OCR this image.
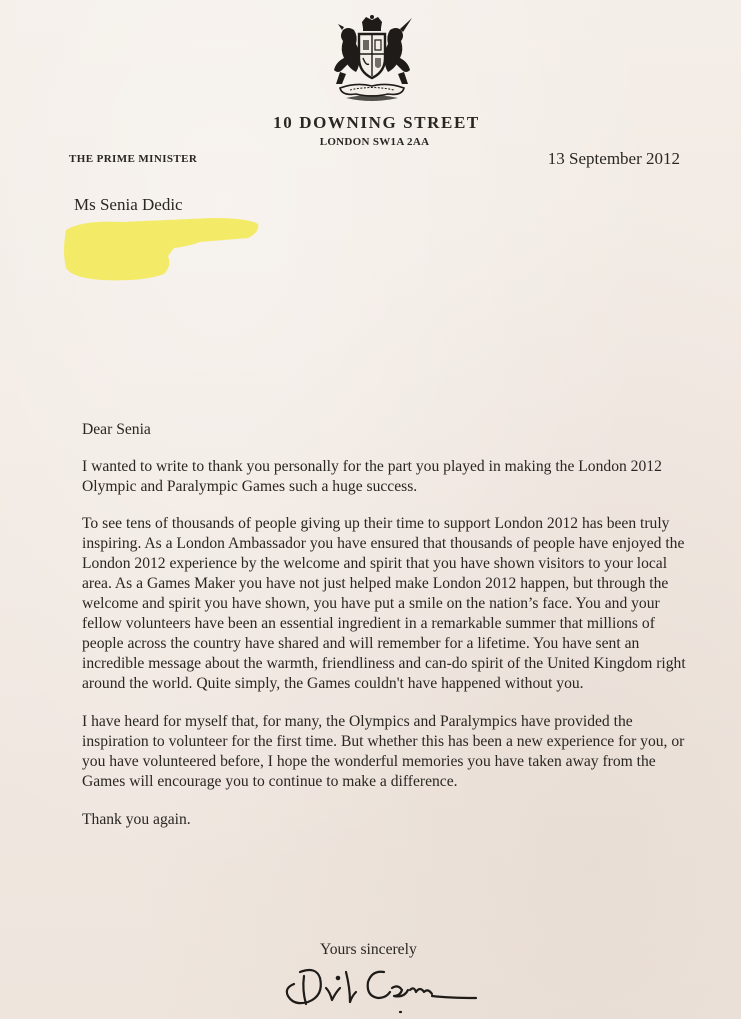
10 DOWNING STREET

LONDON SW1A 2AA

THE PRIME MINISTER	13 September 2012

Ms Senia Dedic

Dear Senia

I wanted to write to thank you personally for the part you played in making the London 2012 Olympic and Paralympic Games such a huge success.

To see tens of thousands of people giving up their time to support London 2012 has been truly inspiring. As a London Ambassador you have ensured that thousands of people have enjoyed the London 2012 experience by the welcome and spirit that you have shown visitors to your local area. As a Games Maker you have not just helped make London 2012 happen, but through the welcome and spirit you have shown, you have put a smile on the nation’s face. You and your fellow volunteers have been an essential ingredient in a remarkable summer that millions of people across the country have shared and will remember for a lifetime. You have sent an incredible message about the warmth, friendliness and can-do spirit of the United Kingdom right around the world. Quite simply, the Games couldn't have happened without you.

I have heard for myself that, for many, the Olympics and Paralympics have provided the inspiration to volunteer for the first time. But whether this has been a new experience for you, or you have volunteered before, I hope the wonderful memories you have taken away from the Games will encourage you to continue to make a difference.

Thank you again.

Yours sincerely
